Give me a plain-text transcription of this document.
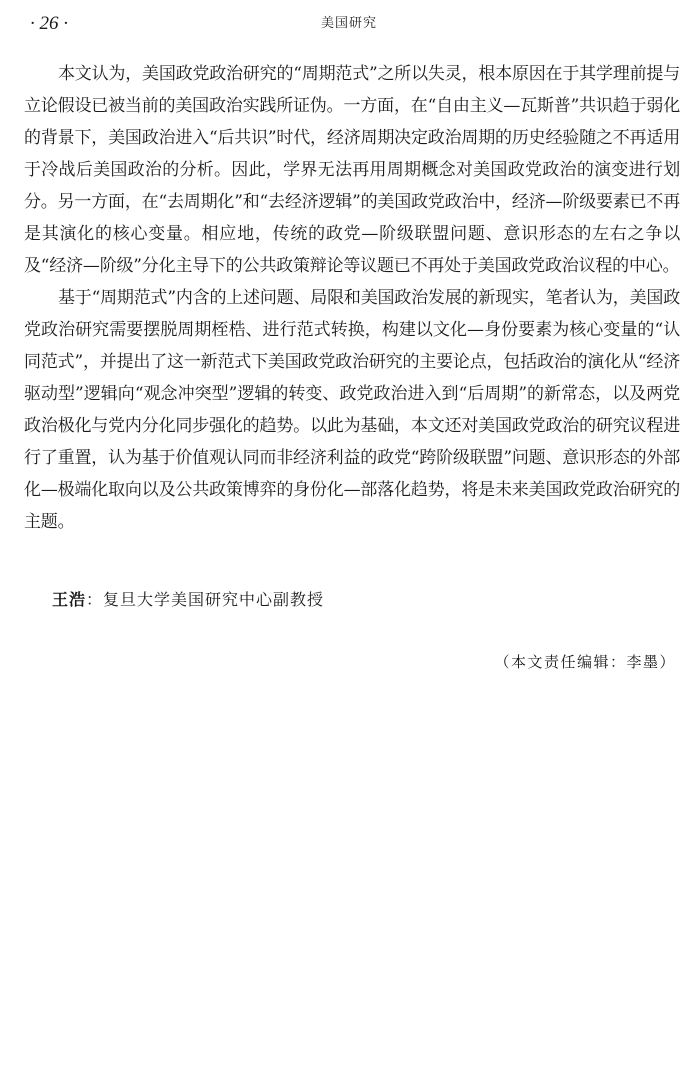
· 26 ·	美国研究

本文认为，美国政党政治研究的“周期范式”之所以失灵，根本原因在于其学理前提与立论假设已被当前的美国政治实践所证伪。一方面，在“自由主义—瓦斯普”共识趋于弱化的背景下，美国政治进入“后共识”时代，经济周期决定政治周期的历史经验随之不再适用于冷战后美国政治的分析。因此，学界无法再用周期概念对美国政党政治的演变进行划分。另一方面，在“去周期化”和“去经济逻辑”的美国政党政治中，经济—阶级要素已不再是其演化的核心变量。相应地，传统的政党—阶级联盟问题、意识形态的左右之争以及“经济—阶级”分化主导下的公共政策辩论等议题已不再处于美国政党政治议程的中心。

基于“周期范式”内含的上述问题、局限和美国政治发展的新现实，笔者认为，美国政党政治研究需要摆脱周期桎梏、进行范式转换，构建以文化—身份要素为核心变量的“认同范式”，并提出了这一新范式下美国政党政治研究的主要论点，包括政治的演化从“经济驱动型”逻辑向“观念冲突型”逻辑的转变、政党政治进入到“后周期”的新常态，以及两党政治极化与党内分化同步强化的趋势。以此为基础，本文还对美国政党政治的研究议程进行了重置，认为基于价值观认同而非经济利益的政党“跨阶级联盟”问题、意识形态的外部化—极端化取向以及公共政策博弈的身份化—部落化趋势，将是未来美国政党政治研究的主题。

王浩：复旦大学美国研究中心副教授
（本文责任编辑：李墨）
